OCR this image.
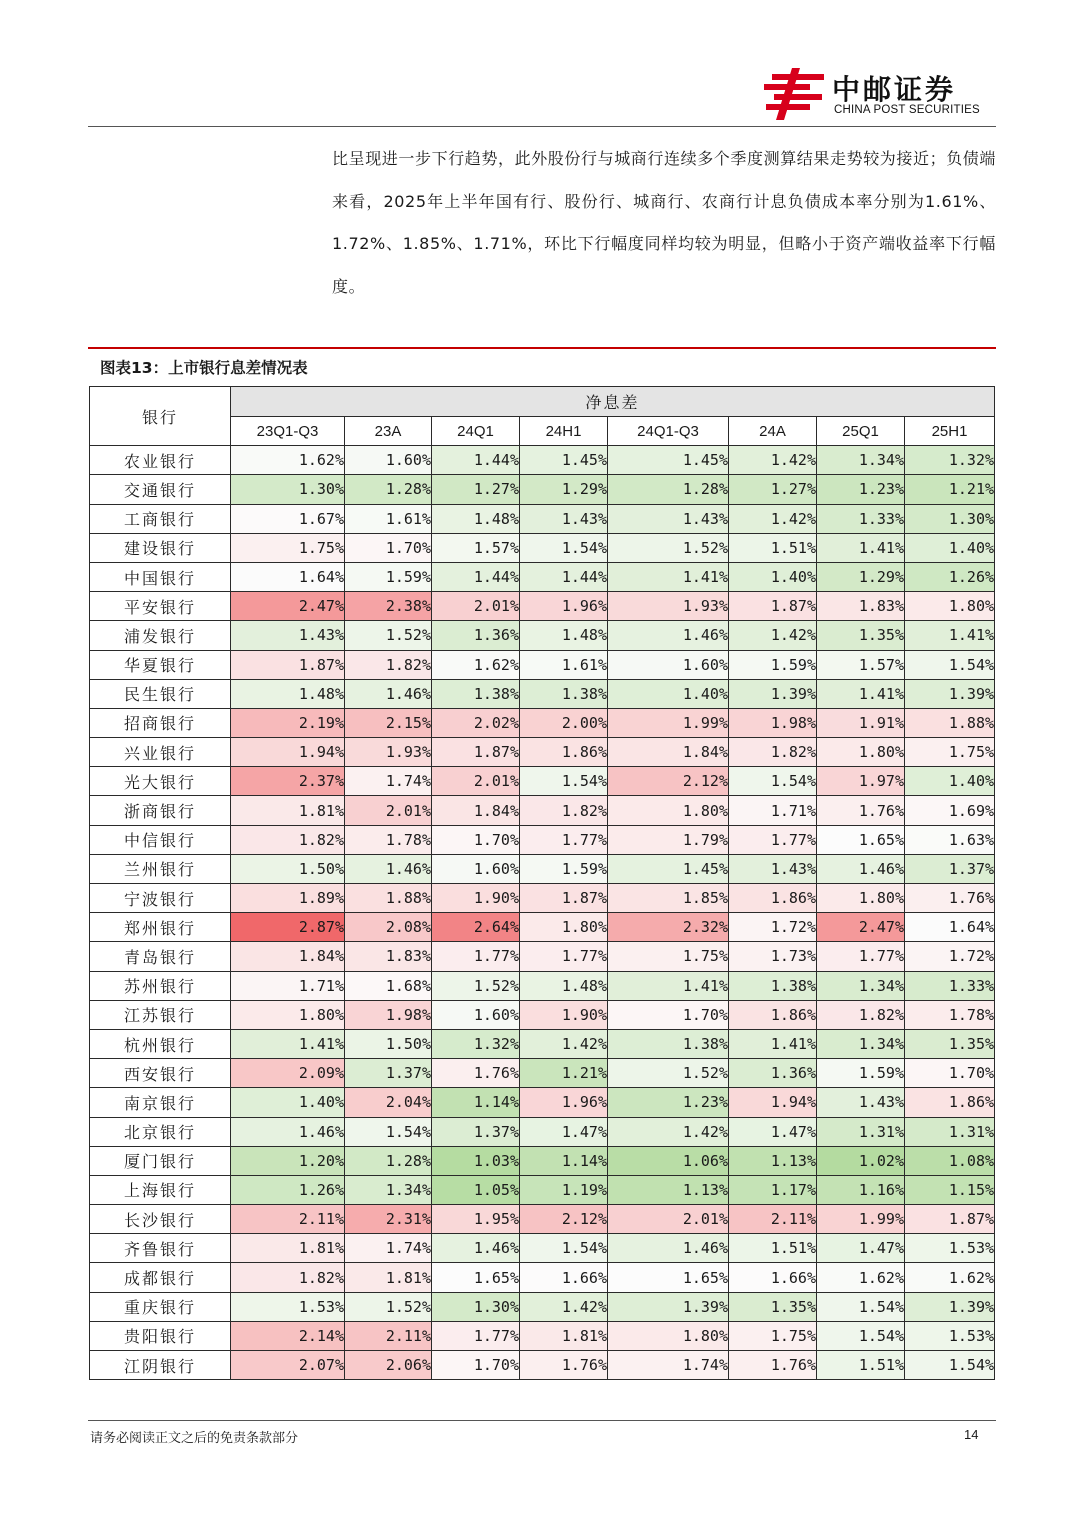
中邮证券
CHINA POST SECURITIES
比呈现进一步下行趋势，此外股份行与城商行连续多个季度测算结果走势较为接近；负债端来看，2025年上半年国有行、股份行、城商行、农商行计息负债成本率分别为1.61%、1.72%、1.85%、1.71%，环比下行幅度同样均较为明显，但略小于资产端收益率下行幅度。
图表13：上市银行息差情况表
银行	净息差							
	23Q1-Q3	23A	24Q1	24H1	24Q1-Q3	24A	25Q1	25H1
农业银行	1.62%	1.60%	1.44%	1.45%	1.45%	1.42%	1.34%	1.32%
交通银行	1.30%	1.28%	1.27%	1.29%	1.28%	1.27%	1.23%	1.21%
工商银行	1.67%	1.61%	1.48%	1.43%	1.43%	1.42%	1.33%	1.30%
建设银行	1.75%	1.70%	1.57%	1.54%	1.52%	1.51%	1.41%	1.40%
中国银行	1.64%	1.59%	1.44%	1.44%	1.41%	1.40%	1.29%	1.26%
平安银行	2.47%	2.38%	2.01%	1.96%	1.93%	1.87%	1.83%	1.80%
浦发银行	1.43%	1.52%	1.36%	1.48%	1.46%	1.42%	1.35%	1.41%
华夏银行	1.87%	1.82%	1.62%	1.61%	1.60%	1.59%	1.57%	1.54%
民生银行	1.48%	1.46%	1.38%	1.38%	1.40%	1.39%	1.41%	1.39%
招商银行	2.19%	2.15%	2.02%	2.00%	1.99%	1.98%	1.91%	1.88%
兴业银行	1.94%	1.93%	1.87%	1.86%	1.84%	1.82%	1.80%	1.75%
光大银行	2.37%	1.74%	2.01%	1.54%	2.12%	1.54%	1.97%	1.40%
浙商银行	1.81%	2.01%	1.84%	1.82%	1.80%	1.71%	1.76%	1.69%
中信银行	1.82%	1.78%	1.70%	1.77%	1.79%	1.77%	1.65%	1.63%
兰州银行	1.50%	1.46%	1.60%	1.59%	1.45%	1.43%	1.46%	1.37%
宁波银行	1.89%	1.88%	1.90%	1.87%	1.85%	1.86%	1.80%	1.76%
郑州银行	2.87%	2.08%	2.64%	1.80%	2.32%	1.72%	2.47%	1.64%
青岛银行	1.84%	1.83%	1.77%	1.77%	1.75%	1.73%	1.77%	1.72%
苏州银行	1.71%	1.68%	1.52%	1.48%	1.41%	1.38%	1.34%	1.33%
江苏银行	1.80%	1.98%	1.60%	1.90%	1.70%	1.86%	1.82%	1.78%
杭州银行	1.41%	1.50%	1.32%	1.42%	1.38%	1.41%	1.34%	1.35%
西安银行	2.09%	1.37%	1.76%	1.21%	1.52%	1.36%	1.59%	1.70%
南京银行	1.40%	2.04%	1.14%	1.96%	1.23%	1.94%	1.43%	1.86%
北京银行	1.46%	1.54%	1.37%	1.47%	1.42%	1.47%	1.31%	1.31%
厦门银行	1.20%	1.28%	1.03%	1.14%	1.06%	1.13%	1.02%	1.08%
上海银行	1.26%	1.34%	1.05%	1.19%	1.13%	1.17%	1.16%	1.15%
长沙银行	2.11%	2.31%	1.95%	2.12%	2.01%	2.11%	1.99%	1.87%
齐鲁银行	1.81%	1.74%	1.46%	1.54%	1.46%	1.51%	1.47%	1.53%
成都银行	1.82%	1.81%	1.65%	1.66%	1.65%	1.66%	1.62%	1.62%
重庆银行	1.53%	1.52%	1.30%	1.42%	1.39%	1.35%	1.54%	1.39%
贵阳银行	2.14%	2.11%	1.77%	1.81%	1.80%	1.75%	1.54%	1.53%
江阴银行	2.07%	2.06%	1.70%	1.76%	1.74%	1.76%	1.51%	1.54%
请务必阅读正文之后的免责条款部分	14
